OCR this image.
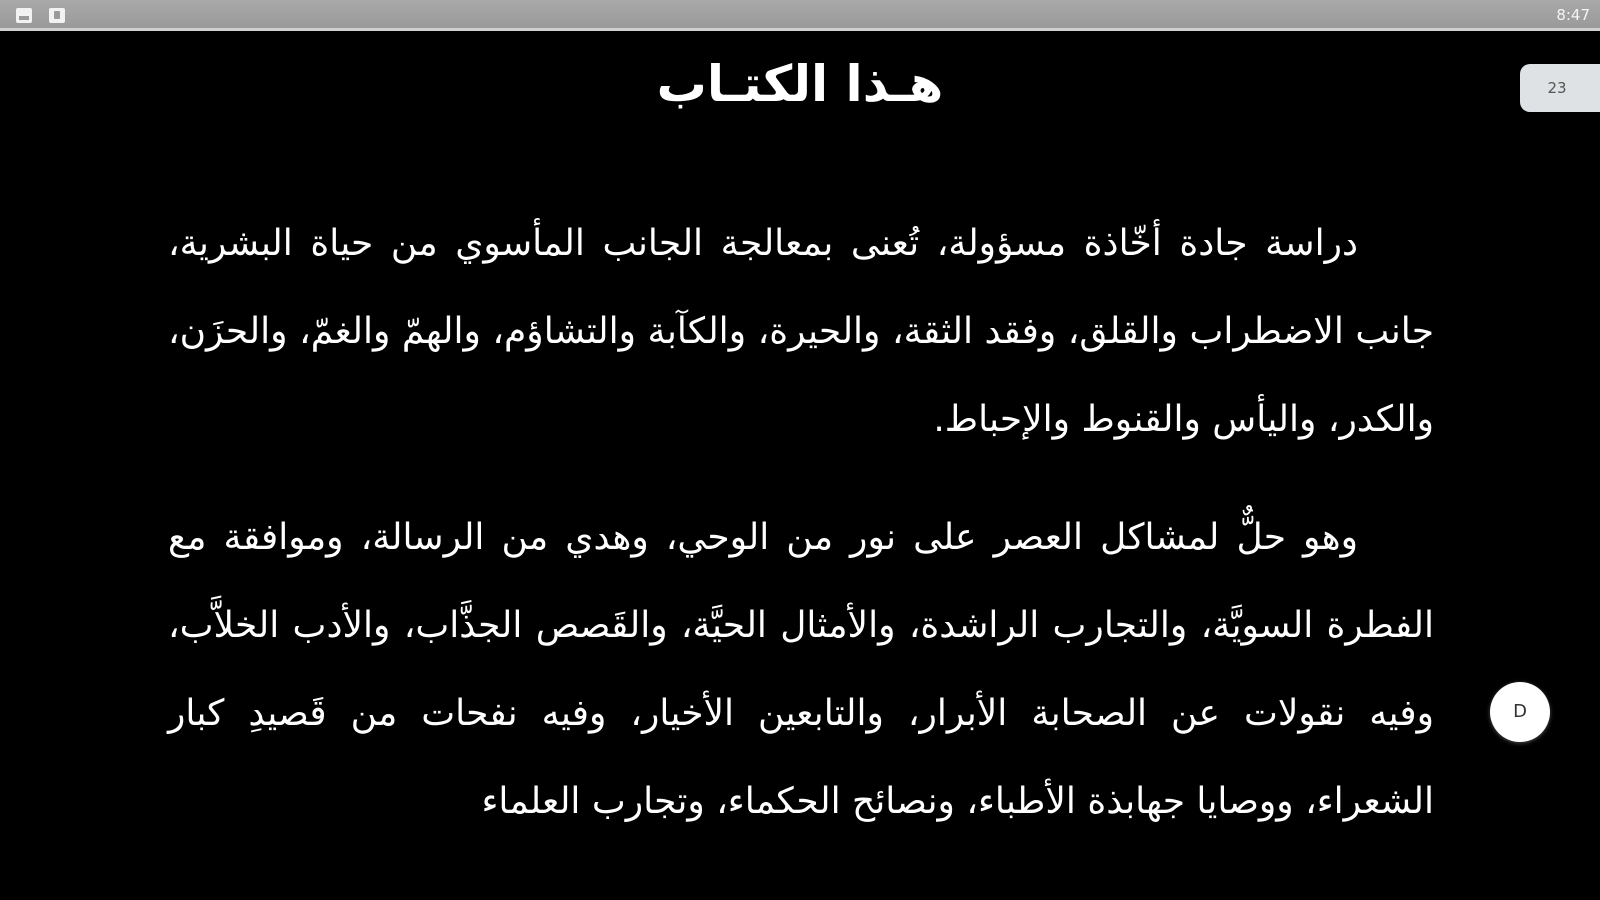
8:47
هـذا الكتـاب	23

دراسة جادة أخّاذة مسؤولة، تُعنى بمعالجة الجانب المأسوي من حياة البشرية، جانب الاضطراب والقلق، وفقد الثقة، والحيرة، والكآبة والتشاؤم، والهمّ والغمّ، والحزَن، والكدر، واليأس والقنوط والإحباط.

وهو حلٌّ لمشاكل العصر على نور من الوحي، وهدي من الرسالة، وموافقة مع الفطرة السويَّة، والتجارب الراشدة، والأمثال الحيَّة، والقَصص الجذَّاب، والأدب الخلاَّب، وفيه نقولات عن الصحابة الأبرار، والتابعين الأخيار، وفيه نفحات من قَصيدِ كبار الشعراء، ووصايا جهابذة الأطباء، ونصائح الحكماء، وتجارب العلماء

D
